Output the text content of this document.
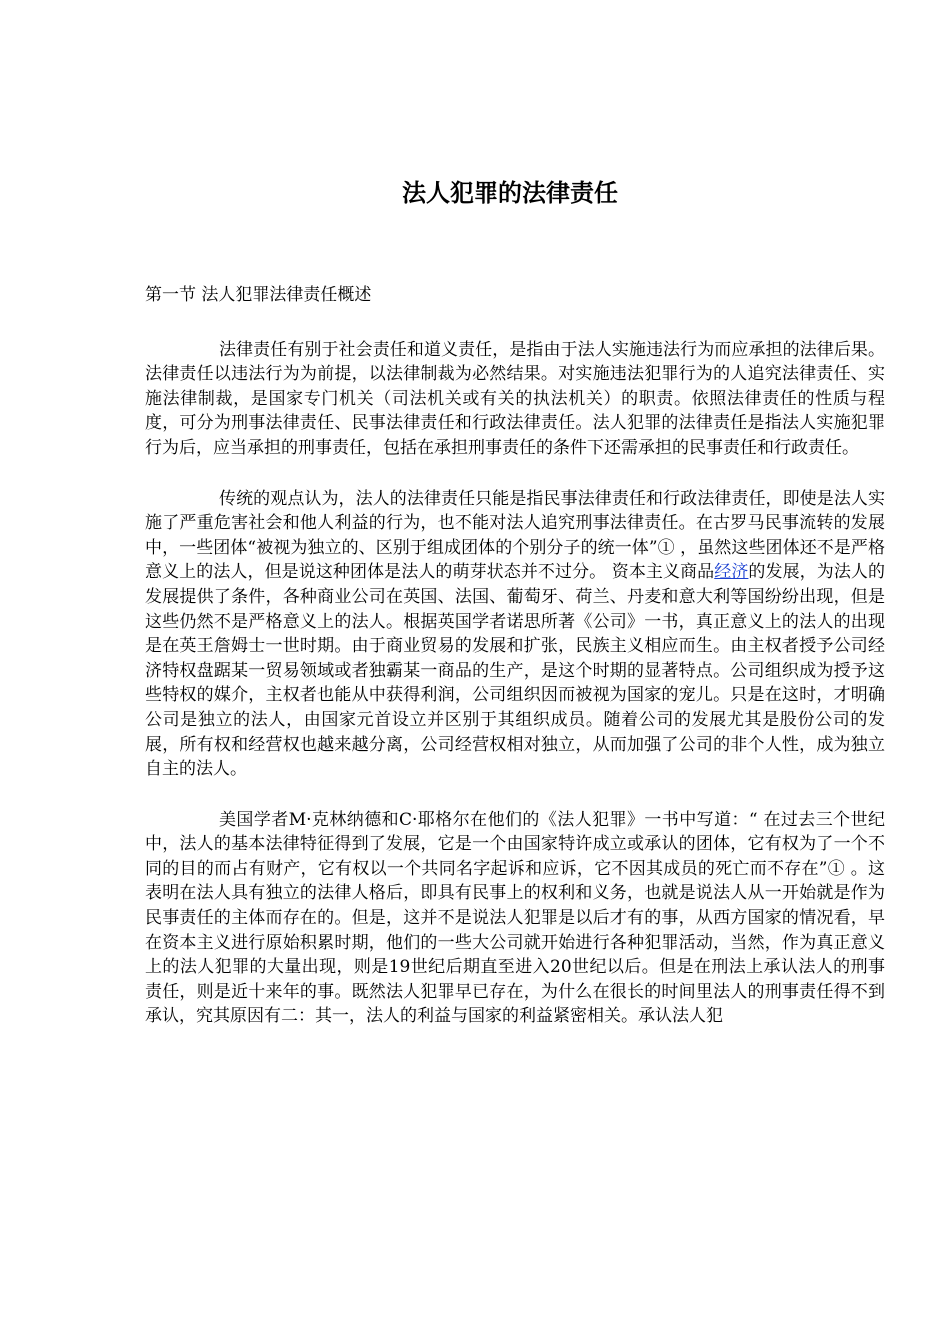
法人犯罪的法律责任

第一节 法人犯罪法律责任概述

法律责任有别于社会责任和道义责任，是指由于法人实施违法行为而应承担的法律后果。法律责任以违法行为为前提，以法律制裁为必然结果。对实施违法犯罪行为的人追究法律责任、实施法律制裁，是国家专门机关（司法机关或有关的执法机关）的职责。依照法律责任的性质与程度，可分为刑事法律责任、民事法律责任和行政法律责任。法人犯罪的法律责任是指法人实施犯罪行为后，应当承担的刑事责任，包括在承担刑事责任的条件下还需承担的民事责任和行政责任。

传统的观点认为，法人的法律责任只能是指民事法律责任和行政法律责任，即使是法人实施了严重危害社会和他人利益的行为，也不能对法人追究刑事法律责任。在古罗马民事流转的发展中，一些团体“被视为独立的、区别于组成团体的个别分子的统一体”① ，虽然这些团体还不是严格意义上的法人，但是说这种团体是法人的萌芽状态并不过分。 资本主义商品经济的发展，为法人的发展提供了条件，各种商业公司在英国、法国、葡萄牙、荷兰、丹麦和意大利等国纷纷出现，但是这些仍然不是严格意义上的法人。根据英国学者诺思所著《公司》一书，真正意义上的法人的出现是在英王詹姆士一世时期。由于商业贸易的发展和扩张，民族主义相应而生。由主权者授予公司经济特权盘踞某一贸易领域或者独霸某一商品的生产，是这个时期的显著特点。公司组织成为授予这些特权的媒介，主权者也能从中获得利润，公司组织因而被视为国家的宠儿。只是在这时，才明确公司是独立的法人，由国家元首设立并区别于其组织成员。随着公司的发展尤其是股份公司的发展，所有权和经营权也越来越分离，公司经营权相对独立，从而加强了公司的非个人性，成为独立自主的法人。

美国学者M·克林纳德和C·耶格尔在他们的《法人犯罪》一书中写道：“ 在过去三个世纪中，法人的基本法律特征得到了发展，它是一个由国家特许成立或承认的团体，它有权为了一个不同的目的而占有财产，它有权以一个共同名字起诉和应诉，它不因其成员的死亡而不存在”① 。这表明在法人具有独立的法律人格后，即具有民事上的权利和义务，也就是说法人从一开始就是作为民事责任的主体而存在的。但是，这并不是说法人犯罪是以后才有的事，从西方国家的情况看，早在资本主义进行原始积累时期，他们的一些大公司就开始进行各种犯罪活动，当然，作为真正意义上的法人犯罪的大量出现，则是19世纪后期直至进入20世纪以后。但是在刑法上承认法人的刑事责任，则是近十来年的事。既然法人犯罪早已存在，为什么在很长的时间里法人的刑事责任得不到承认，究其原因有二：其一，法人的利益与国家的利益紧密相关。承认法人犯
